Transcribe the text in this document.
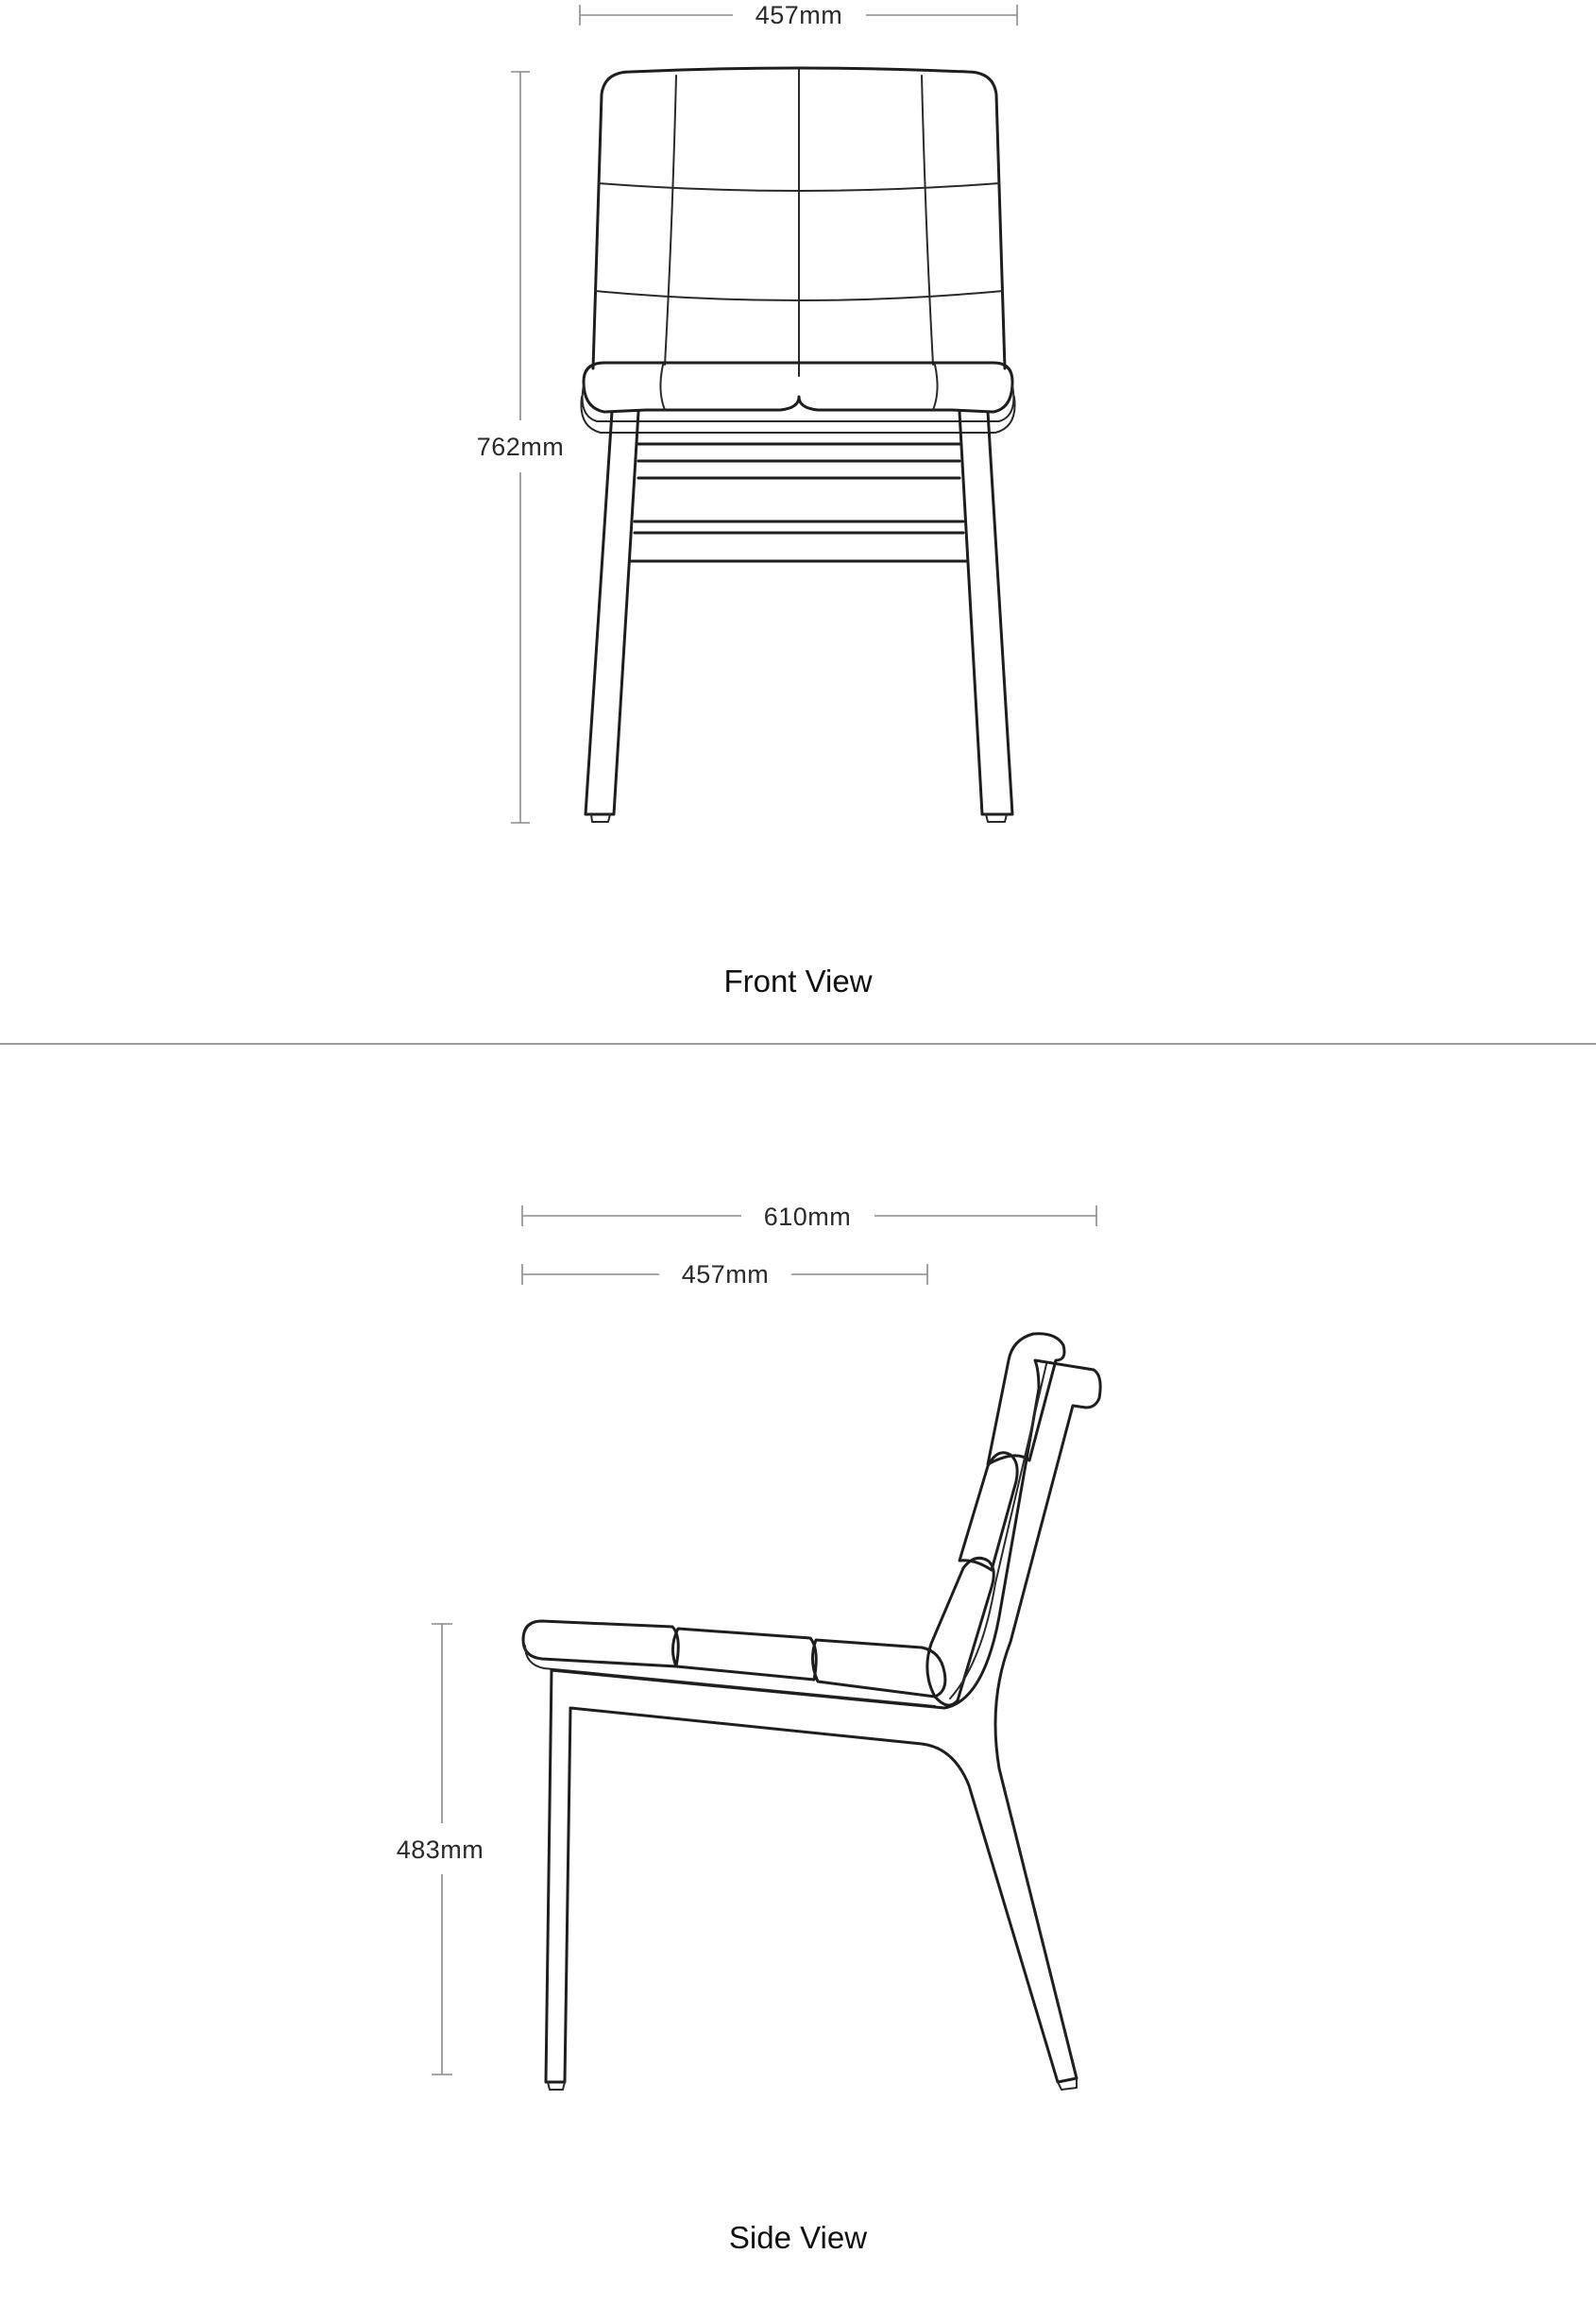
457mm
762mm
Front View
610mm
457mm
483mm
Side View
